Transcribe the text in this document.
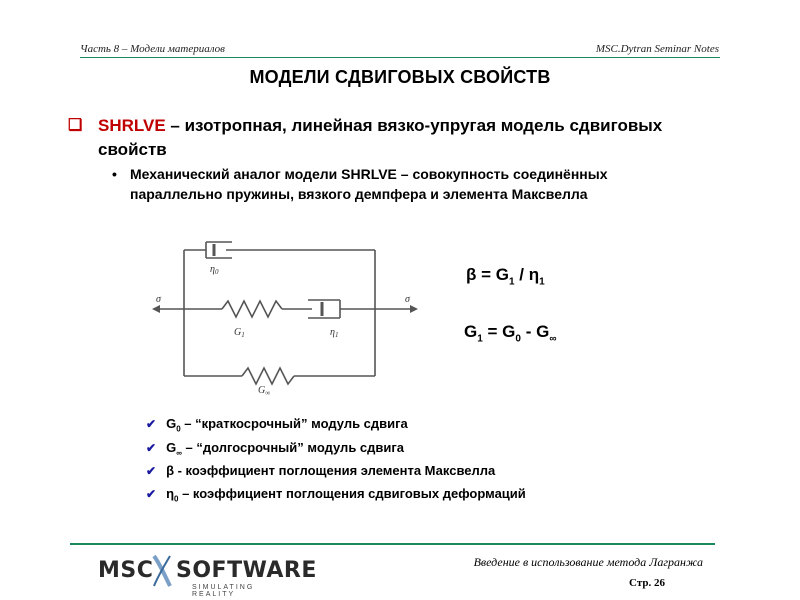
Часть 8 – Модели материалов	MSC.Dytran Seminar Notes
МОДЕЛИ СДВИГОВЫХ СВОЙСТВ
❑ SHRLVE – изотропная, линейная вязко-упругая модель сдвиговых свойств
• Механический аналог модели SHRLVE – совокупность соединённых параллельно пружины, вязкого демпфера и элемента Максвелла
σ	σ
$\eta_0$
$G_1$	$\eta_1$
$G_\infty$
$\beta = G_1 / \eta_1$
$G_1 = G_0 - G_\infty$
✔ $G_0$ – “краткосрочный” модуль сдвига
✔ $G_\infty$ – “долгосрочный” модуль сдвига
✔ β - коэффициент поглощения элемента Максвелла
✔ $\eta_0$ – коэффициент поглощения сдвиговых деформаций
MSC SOFTWARE
SIMULATING REALITY
Введение в использование метода Лагранжа
Стр. 26
